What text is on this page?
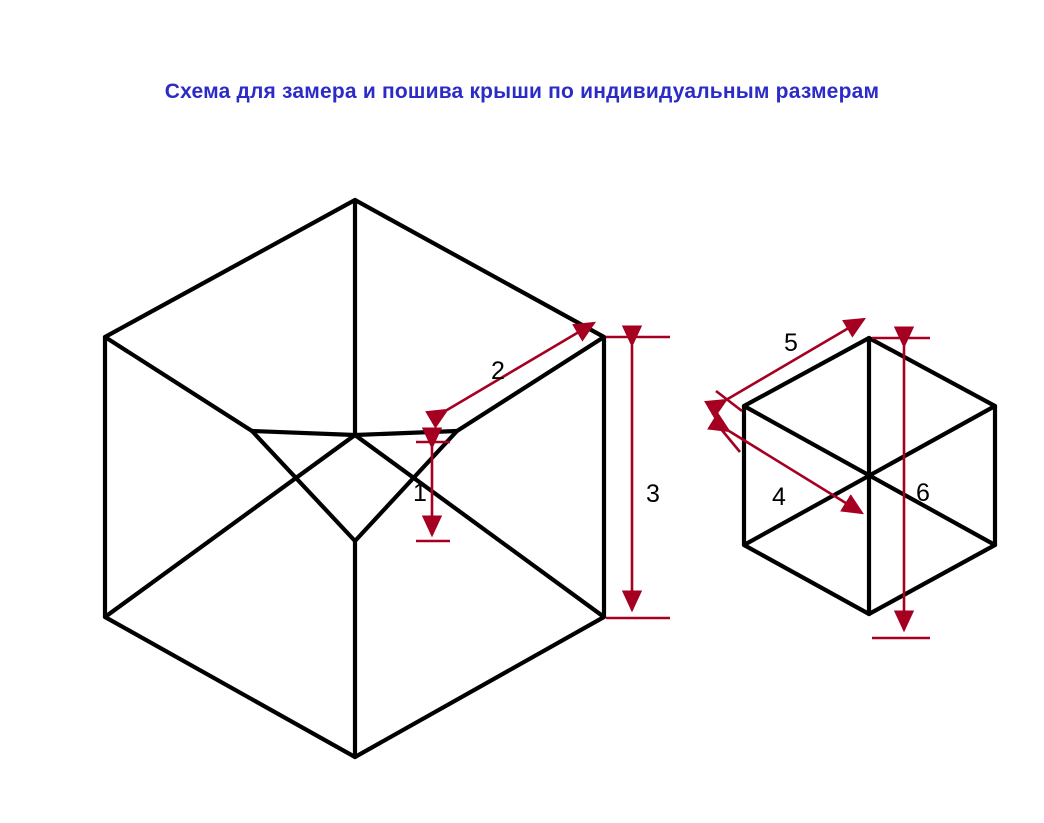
Схема для замера и пошива крыши по индивидуальным размерам
1
2
3	4
5
6
